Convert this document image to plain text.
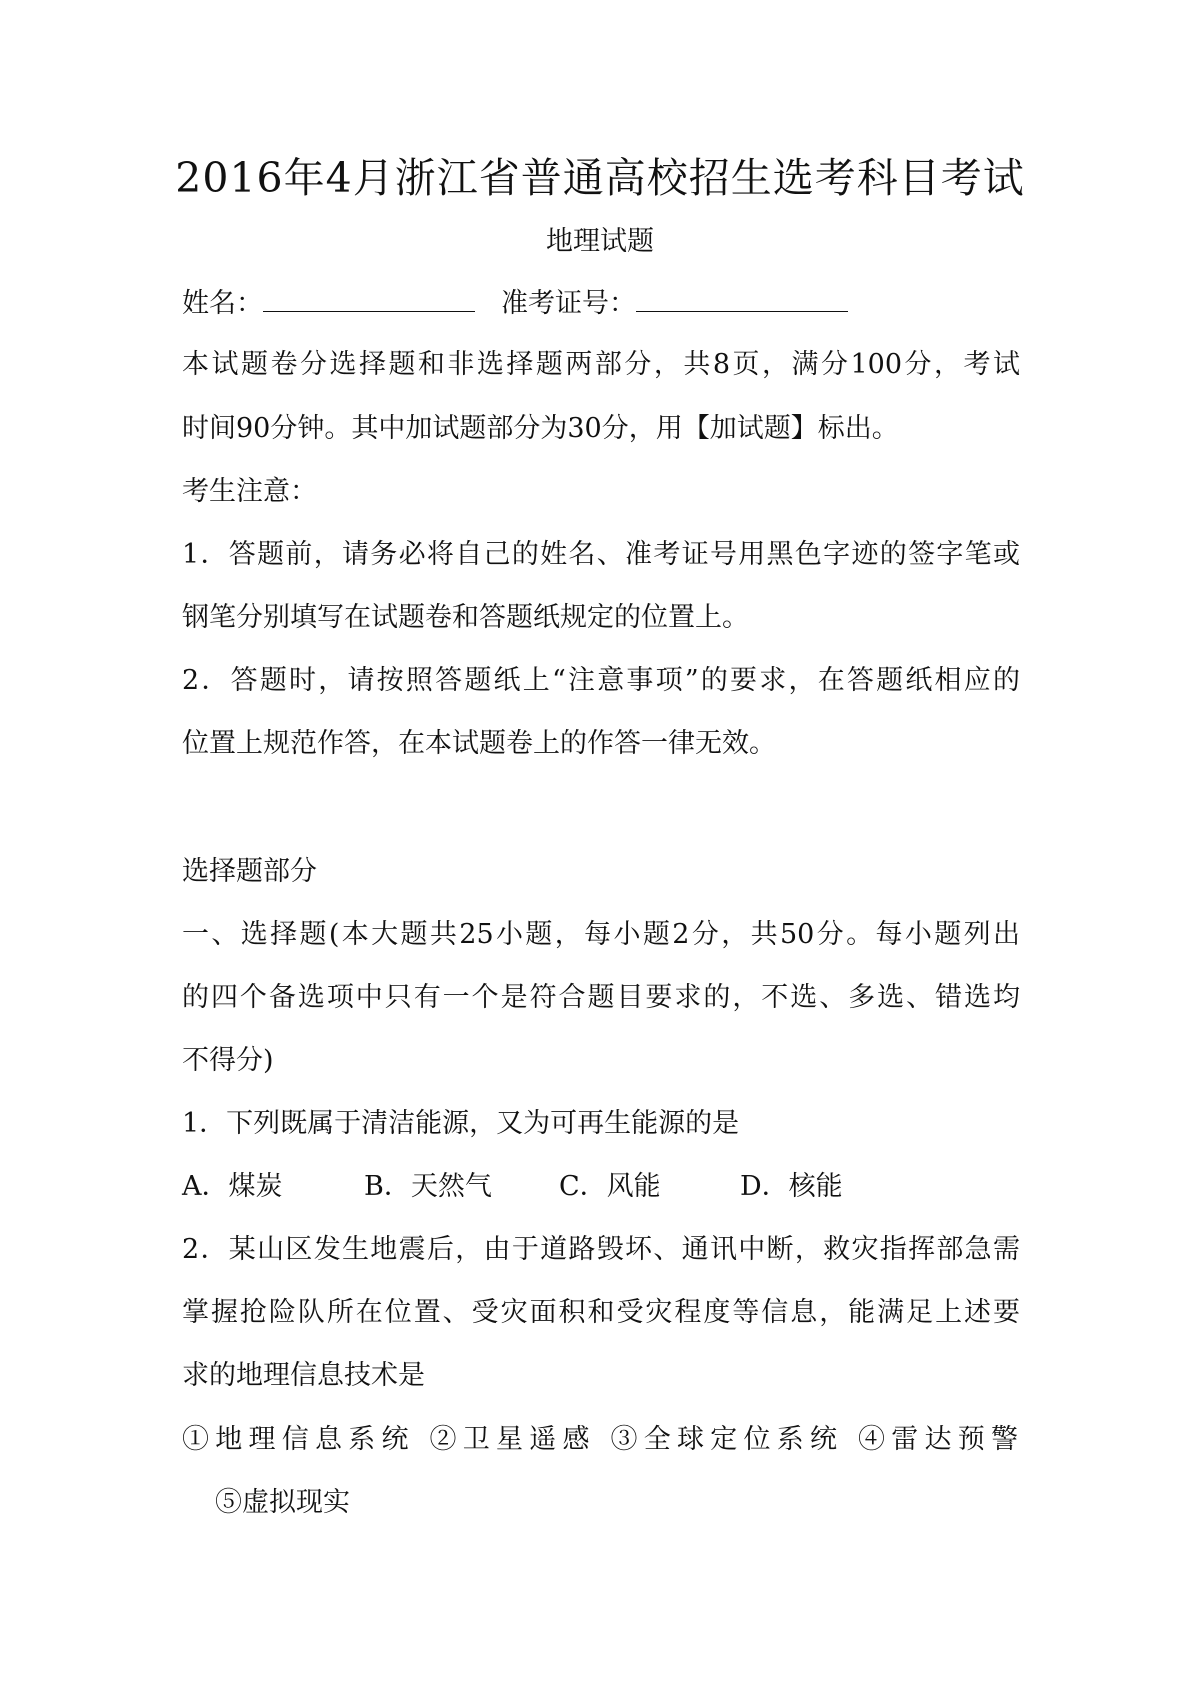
2016年4月浙江省普通高校招生选考科目考试
地理试题
姓名：	准考证号：
本试题卷分选择题和非选择题两部分，共8页，满分100分，考试
时间90分钟。其中加试题部分为30分，用【加试题】标出。
考生注意：
1．答题前，请务必将自己的姓名、准考证号用黑色字迹的签字笔或
钢笔分别填写在试题卷和答题纸规定的位置上。
2．答题时，请按照答题纸上“注意事项”的要求，在答题纸相应的
位置上规范作答，在本试题卷上的作答一律无效。
选择题部分
一、选择题(本大题共25小题，每小题2分，共50分。每小题列出
的四个备选项中只有一个是符合题目要求的，不选、多选、错选均
不得分)
1．下列既属于清洁能源，又为可再生能源的是
A．煤炭	B．天然气 C．风能	D．核能
2．某山区发生地震后，由于道路毁坏、通讯中断，救灾指挥部急需
掌握抢险队所在位置、受灾面积和受灾程度等信息，能满足上述要
求的地理信息技术是
①地理信息系统 ②卫星遥感 ③全球定位系统 ④雷达预警
⑤虚拟现实
